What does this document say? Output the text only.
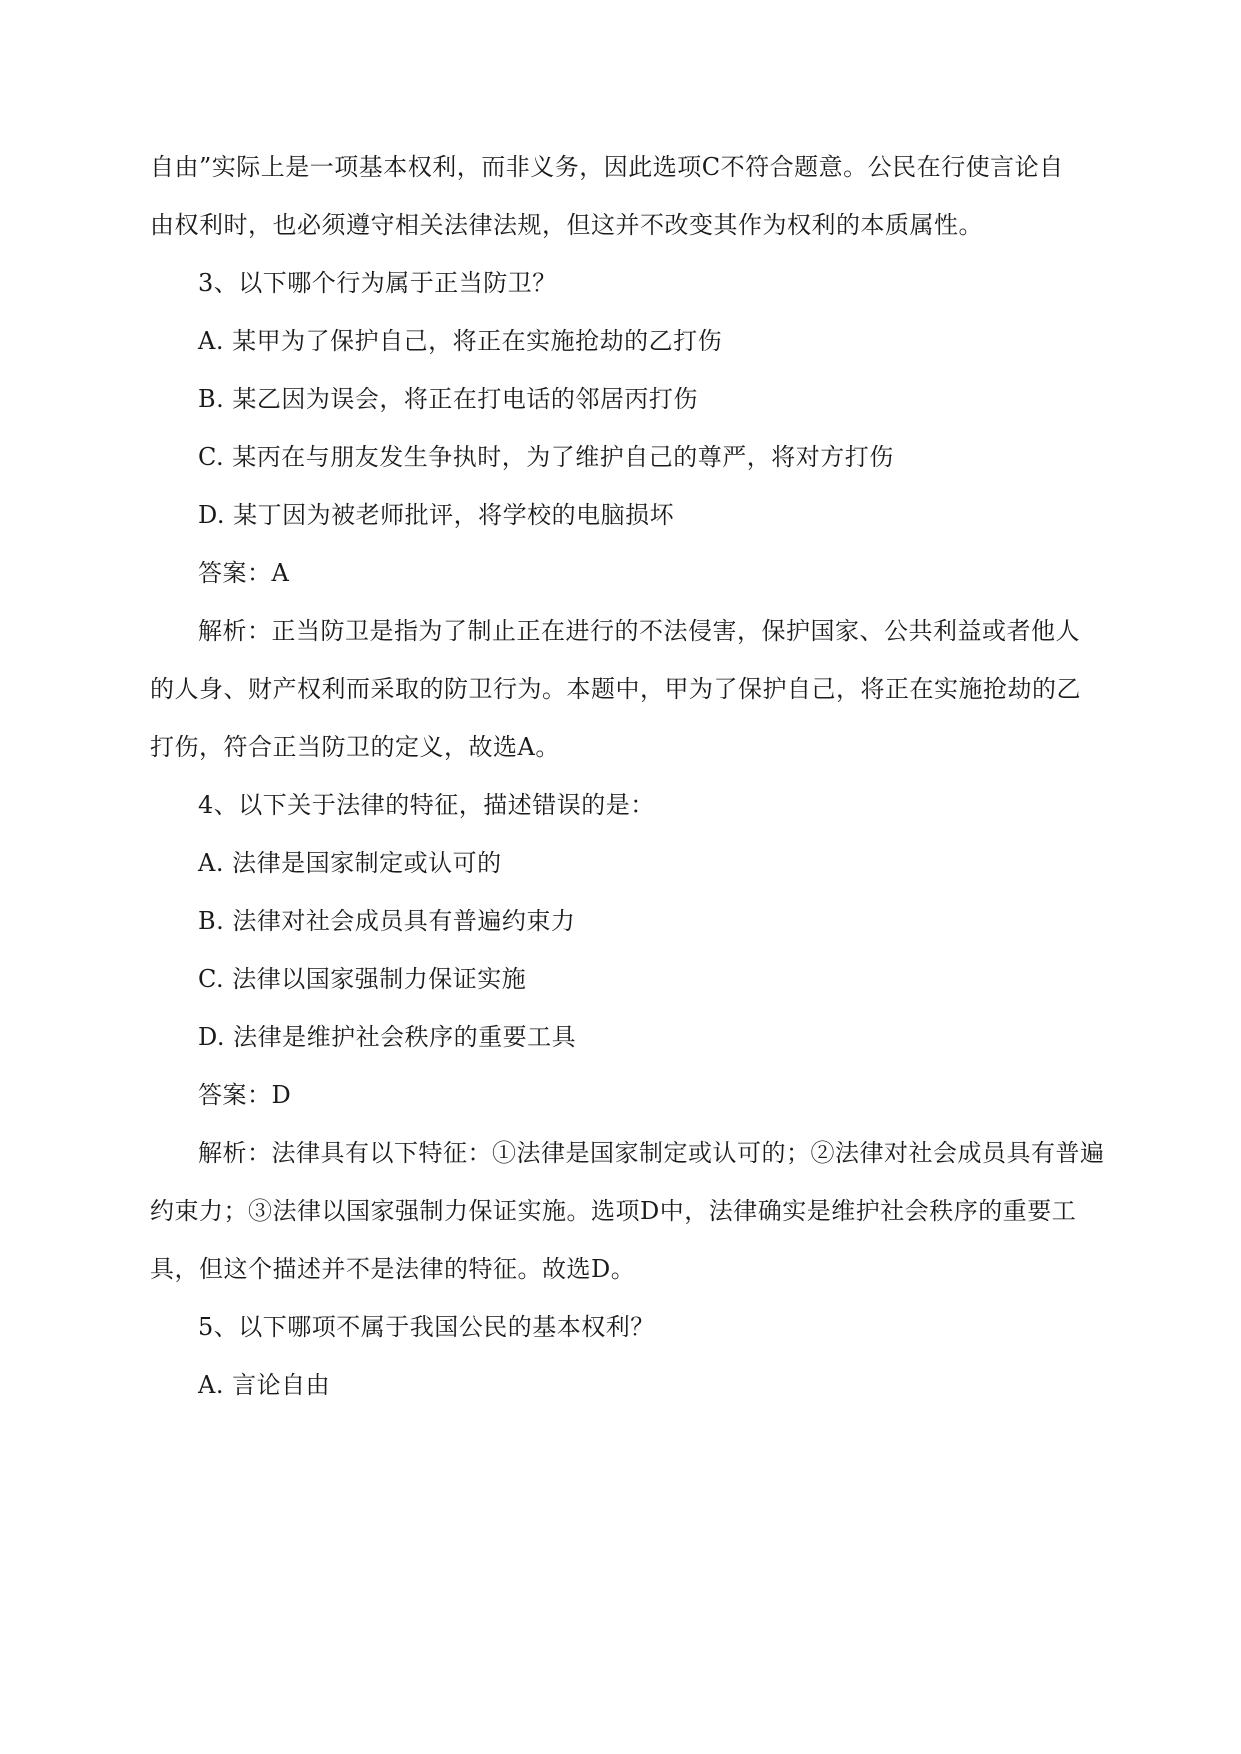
自由”实际上是一项基本权利，而非义务，因此选项C不符合题意。公民在行使言论自
由权利时，也必须遵守相关法律法规，但这并不改变其作为权利的本质属性。
3、以下哪个行为属于正当防卫？
A. 某甲为了保护自己，将正在实施抢劫的乙打伤
B. 某乙因为误会，将正在打电话的邻居丙打伤
C. 某丙在与朋友发生争执时，为了维护自己的尊严，将对方打伤
D. 某丁因为被老师批评，将学校的电脑损坏
答案：A
解析：正当防卫是指为了制止正在进行的不法侵害，保护国家、公共利益或者他人
的人身、财产权利而采取的防卫行为。本题中，甲为了保护自己，将正在实施抢劫的乙
打伤，符合正当防卫的定义，故选A。
4、以下关于法律的特征，描述错误的是：
A. 法律是国家制定或认可的
B. 法律对社会成员具有普遍约束力
C. 法律以国家强制力保证实施
D. 法律是维护社会秩序的重要工具
答案：D
解析：法律具有以下特征：①法律是国家制定或认可的；②法律对社会成员具有普遍
约束力；③法律以国家强制力保证实施。选项D中，法律确实是维护社会秩序的重要工
具，但这个描述并不是法律的特征。故选D。
5、以下哪项不属于我国公民的基本权利？
A. 言论自由
